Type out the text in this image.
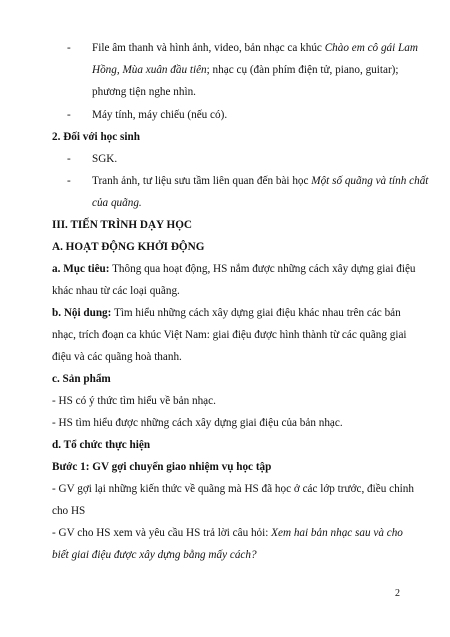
- File âm thanh và hình ảnh, video, bản nhạc ca khúc Chào em cô gái Lam
Hồng, Mùa xuân đầu tiên; nhạc cụ (đàn phím điện tử, piano, guitar);
phương tiện nghe nhìn.
- Máy tính, máy chiếu (nếu có).
2. Đối với học sinh
- SGK.
- Tranh ảnh, tư liệu sưu tầm liên quan đến bài học Một số quãng và tính chất
của quãng.
III. TIẾN TRÌNH DẠY HỌC
A. HOẠT ĐỘNG KHỞI ĐỘNG
a. Mục tiêu: Thông qua hoạt động, HS nắm được những cách xây dựng giai điệu
khác nhau từ các loại quãng.
b. Nội dung: Tìm hiểu những cách xây dựng giai điệu khác nhau trên các bản
nhạc, trích đoạn ca khúc Việt Nam: giai điệu được hình thành từ các quãng giai
điệu và các quãng hoà thanh.
c. Sản phẩm
- HS có ý thức tìm hiểu về bản nhạc.
- HS tìm hiểu được những cách xây dựng giai điệu của bản nhạc.
d. Tổ chức thực hiện
Bước 1: GV gợi chuyển giao nhiệm vụ học tập
- GV gợi lại những kiến thức về quãng mà HS đã học ở các lớp trước, điều chỉnh
cho HS
- GV cho HS xem và yêu cầu HS trả lời câu hỏi: Xem hai bản nhạc sau và cho
biết giai điệu được xây dựng bằng mấy cách?
2
